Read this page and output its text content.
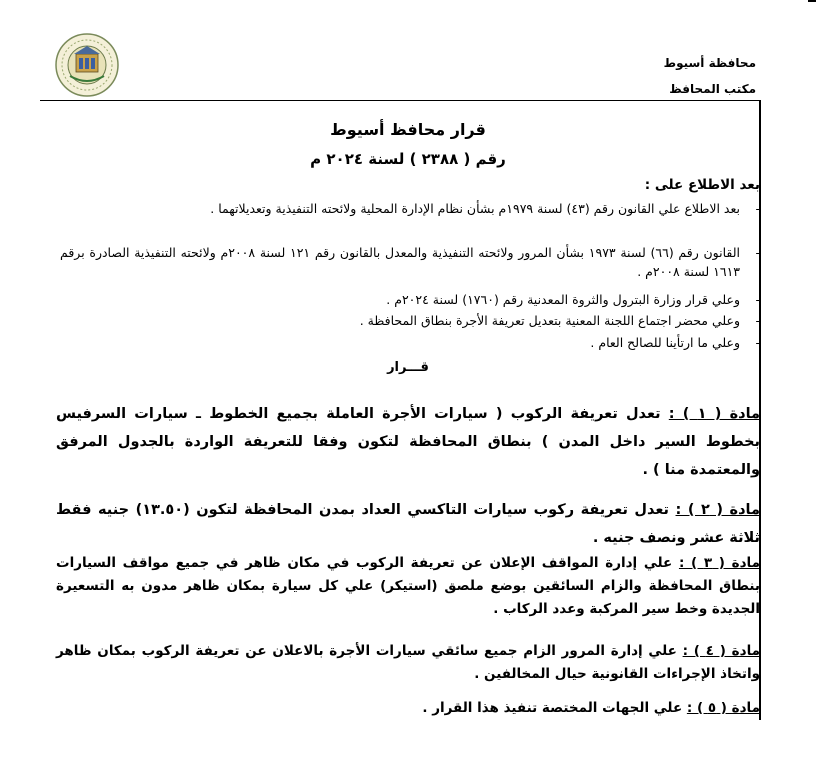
محافظة أسيوط
مكتب المحافظ
قرار محافظ أسيوط
رقم ( ٢٣٨٨ ) لسنة ٢٠٢٤ م
بعد الاطلاع على :
-
بعد الاطلاع علي القانون رقم (٤٣) لسنة ١٩٧٩م بشأن نظام الإدارة المحلية ولائحته التنفيذية وتعديلاتهما .
-
القانون رقم (٦٦) لسنة ١٩٧٣ بشأن المرور ولائحته التنفيذية والمعدل بالقانون رقم ١٢١ لسنة ٢٠٠٨م ولائحته التنفيذية الصادرة برقم ١٦١٣ لسنة ٢٠٠٨م .
-
وعلي قرار وزارة البترول والثروة المعدنية رقم (١٧٦٠) لسنة ٢٠٢٤م .
-
وعلي محضر اجتماع اللجنة المعنية بتعديل تعريفة الأجرة بنطاق المحافظة .
-
وعلي ما ارتأينا للصالح العام .
قـــرار
مادة ( ١ ) : تعدل تعريفة الركوب ( سيارات الأجرة العاملة بجميع الخطوط ـ سيارات السرفيس بخطوط السير داخل المدن ) بنطاق المحافظة لتكون وفقا للتعريفة الواردة بالجدول المرفق والمعتمدة منا ) .
مادة ( ٢ ) : تعدل تعريفة ركوب سيارات التاكسي العداد بمدن المحافظة لتكون (١٣.٥٠) جنيه فقط ثلاثة عشر ونصف جنيه .
مادة ( ٣ ) : علي إدارة المواقف الإعلان عن تعريفة الركوب في مكان ظاهر في جميع مواقف السيارات بنطاق المحافظة والزام السائقين بوضع ملصق (استيكر) علي كل سيارة بمكان ظاهر مدون به التسعيرة الجديدة وخط سير المركبة وعدد الركاب .
مادة ( ٤ ) : علي إدارة المرور الزام جميع سائقي سيارات الأجرة بالاعلان عن تعريفة الركوب بمكان ظاهر واتخاذ الإجراءات القانونية حيال المخالفين .
مادة ( ٥ ) : علي الجهات المختصة تنفيذ هذا القرار .
